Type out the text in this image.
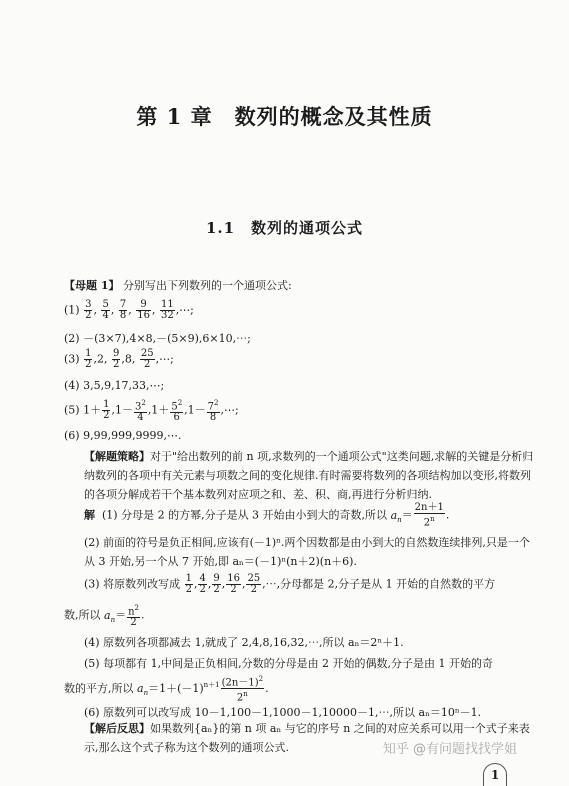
第 1 章　数列的概念及其性质
1.1　数列的通项公式
【母题 1】 分别写出下列数列的一个通项公式:
$(1) \frac{3}{2}$ , $\frac{5}{4}$ , $\frac{7}{8}$ , $\frac{9}{16}$ , $\frac{11}{32}$ ,⋯;
(2) －(3×7),4×8,－(5×9),6×10,⋯;
$(3) \frac{1}{2} ,2$, $\frac{9}{2} ,8$, $\frac{25}{2}$ ,⋯;
(4) 3,5,9,17,33,⋯;
(5) $1+ \frac{1}{2} ,1- \frac{3^2}{4} ,1+ \frac{5^2}{6} ,1- \frac{7^2}{8}$ ,⋯;
(6) 9,99,999,9999,⋯.
【解题策略】对于"给出数列的前 n 项,求数列的一个通项公式"这类问题,求解的关键是分析归纳数列的各项中有关元素与项数之间的变化规律.有时需要将数列的各项结构加以变形,将数列的各项分解成若干个基本数列对应项之和、差、积、商,再进行分析归纳.
解 (1) 分母是 2 的方幂,分子是从 3 开始由小到大的奇数,所以 $a_n= \frac{2n+1}{2^n}$ .
(2) 前面的符号是负正相间,应该有(－1)ⁿ.两个因数都是由小到大的自然数连续排列,只是一个从 3 开始,另一个从 7 开始,即 aₙ＝(－1)ⁿ(n＋2)(n＋6).
(3) 将原数列改写成 $\frac{1}{2}$ , $\frac{4}{2}$ , $\frac{9}{2}$ , $\frac{16}{2}$ , $\frac{25}{2}$ ,⋯,分母都是 2,分子是从 1 开始的自然数的平方
数,所以 $a_n= \frac{n^2}{2}$ .
(4) 原数列各项都减去 1,就成了 2,4,8,16,32,⋯,所以 aₙ＝2ⁿ＋1.
(5) 每项都有 1,中间是正负相间,分数的分母是由 2 开始的偶数,分子是由 1 开始的奇
数的平方,所以 $a_n=1+(-1)^{n+1} \frac{(2n-1)^2}{2^n}$ .
(6) 原数列可以改写成 10－1,100－1,1000－1,10000－1,⋯,所以 aₙ＝10ⁿ－1.
【解后反思】如果数列{aₙ}的第 n 项 aₙ 与它的序号 n 之间的对应关系可以用一个式子来表示,那么这个式子称为这个数列的通项公式.	知乎 @有问题找找学姐
1
